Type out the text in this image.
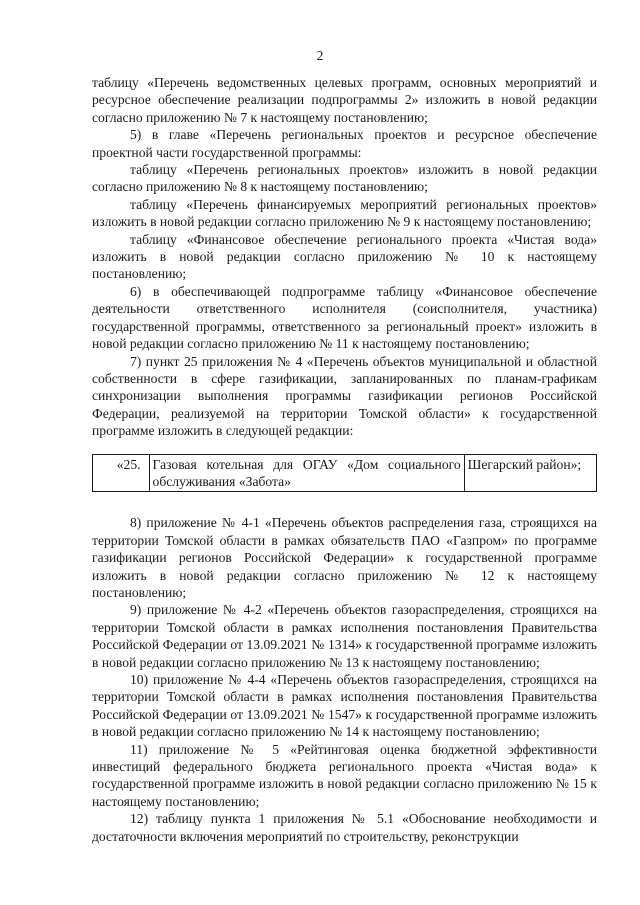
2

таблицу «Перечень ведомственных целевых программ, основных мероприятий и ресурсное обеспечение реализации подпрограммы 2» изложить в новой редакции согласно приложению № 7 к настоящему постановлению;

5) в главе «Перечень региональных проектов и ресурсное обеспечение проектной части государственной программы:

таблицу «Перечень региональных проектов» изложить в новой редакции согласно приложению № 8 к настоящему постановлению;

таблицу «Перечень финансируемых мероприятий региональных проектов» изложить в новой редакции согласно приложению № 9 к настоящему постановлению;

таблицу «Финансовое обеспечение регионального проекта «Чистая вода» изложить в новой редакции согласно приложению № 10 к настоящему постановлению;

6) в обеспечивающей подпрограмме таблицу «Финансовое обеспечение деятельности ответственного исполнителя (соисполнителя, участника) государственной программы, ответственного за региональный проект» изложить в новой редакции согласно приложению № 11 к настоящему постановлению;

7) пункт 25 приложения № 4 «Перечень объектов муниципальной и областной собственности в сфере газификации, запланированных по планам-графикам синхронизации выполнения программы газификации регионов Российской Федерации, реализуемой на территории Томской области» к государственной программе изложить в следующей редакции:

«25.	Газовая котельная для ОГАУ «Дом социального обслуживания «Забота»	Шегарский район»;

8) приложение № 4-1 «Перечень объектов распределения газа, строящихся на территории Томской области в рамках обязательств ПАО «Газпром» по программе газификации регионов Российской Федерации» к государственной программе изложить в новой редакции согласно приложению № 12 к настоящему постановлению;

9) приложение № 4-2 «Перечень объектов газораспределения, строящихся на территории Томской области в рамках исполнения постановления Правительства Российской Федерации от 13.09.2021 № 1314» к государственной программе изложить в новой редакции согласно приложению № 13 к настоящему постановлению;

10) приложение № 4-4 «Перечень объектов газораспределения, строящихся на территории Томской области в рамках исполнения постановления Правительства Российской Федерации от 13.09.2021 № 1547» к государственной программе изложить в новой редакции согласно приложению № 14 к настоящему постановлению;

11) приложение № 5 «Рейтинговая оценка бюджетной эффективности инвестиций федерального бюджета регионального проекта «Чистая вода» к государственной программе изложить в новой редакции согласно приложению № 15 к настоящему постановлению;

12) таблицу пункта 1 приложения № 5.1 «Обоснование необходимости и достаточности включения мероприятий по строительству, реконструкции
